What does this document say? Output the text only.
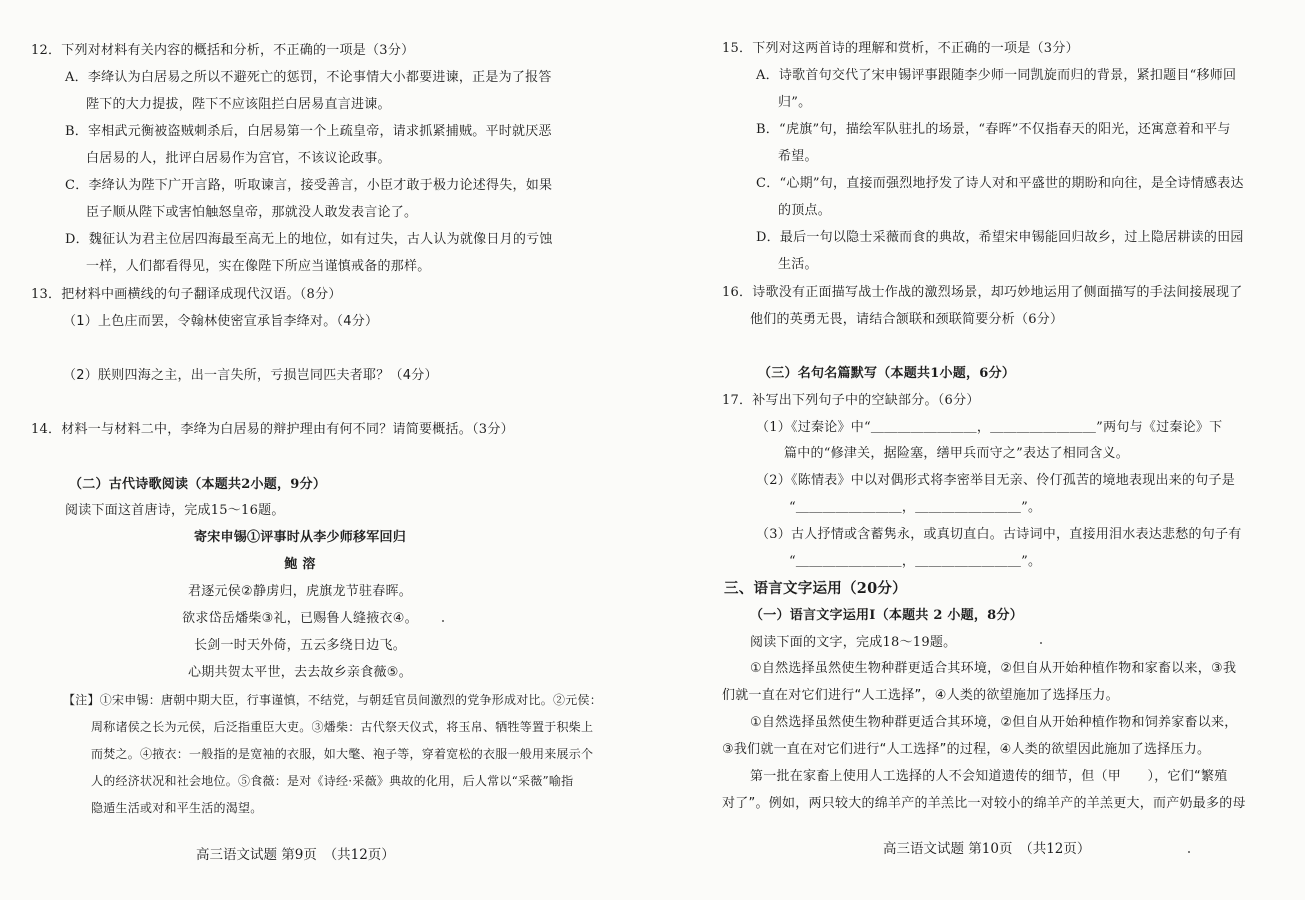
12．下列对材料有关内容的概括和分析，不正确的一项是（3分）
A．李绛认为白居易之所以不避死亡的惩罚，不论事情大小都要进谏，正是为了报答
陛下的大力提拔，陛下不应该阻拦白居易直言进谏。
B．宰相武元衡被盗贼刺杀后，白居易第一个上疏皇帝，请求抓紧捕贼。平时就厌恶
白居易的人，批评白居易作为宫官，不该议论政事。
C．李绛认为陛下广开言路，听取谏言，接受善言，小臣才敢于极力论述得失，如果
臣子顺从陛下或害怕触怒皇帝，那就没人敢发表言论了。
D．魏征认为君主位居四海最至高无上的地位，如有过失，古人认为就像日月的亏蚀
一样，人们都看得见，实在像陛下所应当谨慎戒备的那样。
13．把材料中画横线的句子翻译成现代汉语。（8分）
（1）上色庄而罢，令翰林使密宣承旨李绛对。（4分）
（2）朕则四海之主，出一言失所，亏损岂同匹夫者耶？（4分）
14．材料一与材料二中，李绛为白居易的辩护理由有何不同？请简要概括。（3分）
（二）古代诗歌阅读（本题共2小题，9分）
阅读下面这首唐诗，完成15～16题。
寄宋申锡①评事时从李少师移军回归
鲍 溶
君逐元侯②静虏归，虎旗龙节驻春晖。
欲求岱岳燔柴③礼，已赐鲁人缝掖衣④。
长剑一时天外倚，五云多绕日边飞。
心期共贺太平世，去去故乡亲食薇⑤。
【注】①宋申锡：唐朝中期大臣，行事谨慎，不结党，与朝廷官员间激烈的党争形成对比。②元侯：
周称诸侯之长为元侯，后泛指重臣大吏。③燔柴：古代祭天仪式，将玉帛、牺牲等置于积柴上
而焚之。④掖衣：一般指的是宽袖的衣服，如大氅、袍子等，穿着宽松的衣服一般用来展示个
人的经济状况和社会地位。⑤食薇：是对《诗经·采薇》典故的化用，后人常以“采薇”喻指
隐遁生活或对和平生活的渴望。
高三语文试题 第9页　（共12页）
15．下列对这两首诗的理解和赏析，不正确的一项是（3分）
A．诗歌首句交代了宋申锡评事跟随李少师一同凯旋而归的背景，紧扣题目“移师回
归”。
B．“虎旗”句，描绘军队驻扎的场景，“春晖”不仅指春天的阳光，还寓意着和平与
希望。
C．“心期”句，直接而强烈地抒发了诗人对和平盛世的期盼和向往，是全诗情感表达
的顶点。
D．最后一句以隐士采薇而食的典故，希望宋申锡能回归故乡，过上隐居耕读的田园
生活。
16．诗歌没有正面描写战士作战的激烈场景，却巧妙地运用了侧面描写的手法间接展现了
他们的英勇无畏，请结合颔联和颈联简要分析（6分）
（三）名句名篇默写（本题共1小题，6分）
17．补写出下列句子中的空缺部分。（6分）
（1）《过秦论》中“＿＿＿＿＿＿＿＿，＿＿＿＿＿＿＿＿”两句与《过秦论》下
篇中的“修津关，据险塞，缮甲兵而守之”表达了相同含义。
（2）《陈情表》中以对偶形式将李密举目无亲、伶仃孤苦的境地表现出来的句子是
“＿＿＿＿＿＿＿＿，＿＿＿＿＿＿＿＿”。
（3）古人抒情或含蓄隽永，或真切直白。古诗词中，直接用泪水表达悲愁的句子有
“＿＿＿＿＿＿＿＿，＿＿＿＿＿＿＿＿”。
三、语言文字运用（20分）
（一）语言文字运用Ⅰ（本题共 2 小题，8分）
阅读下面的文字，完成18～19题。
①自然选择虽然使生物种群更适合其环境，②但自从开始种植作物和家畜以来，③我
们就一直在对它们进行“人工选择”，④人类的欲望施加了选择压力。
①自然选择虽然使生物种群更适合其环境，②但自从开始种植作物和饲养家畜以来，
③我们就一直在对它们进行“人工选择”的过程，④人类的欲望因此施加了选择压力。
第一批在家畜上使用人工选择的人不会知道遗传的细节，但（甲　　），它们“繁殖
对了”。例如，两只较大的绵羊产的羊羔比一对较小的绵羊产的羊羔更大，而产奶最多的母
高三语文试题 第10页　（共12页）
